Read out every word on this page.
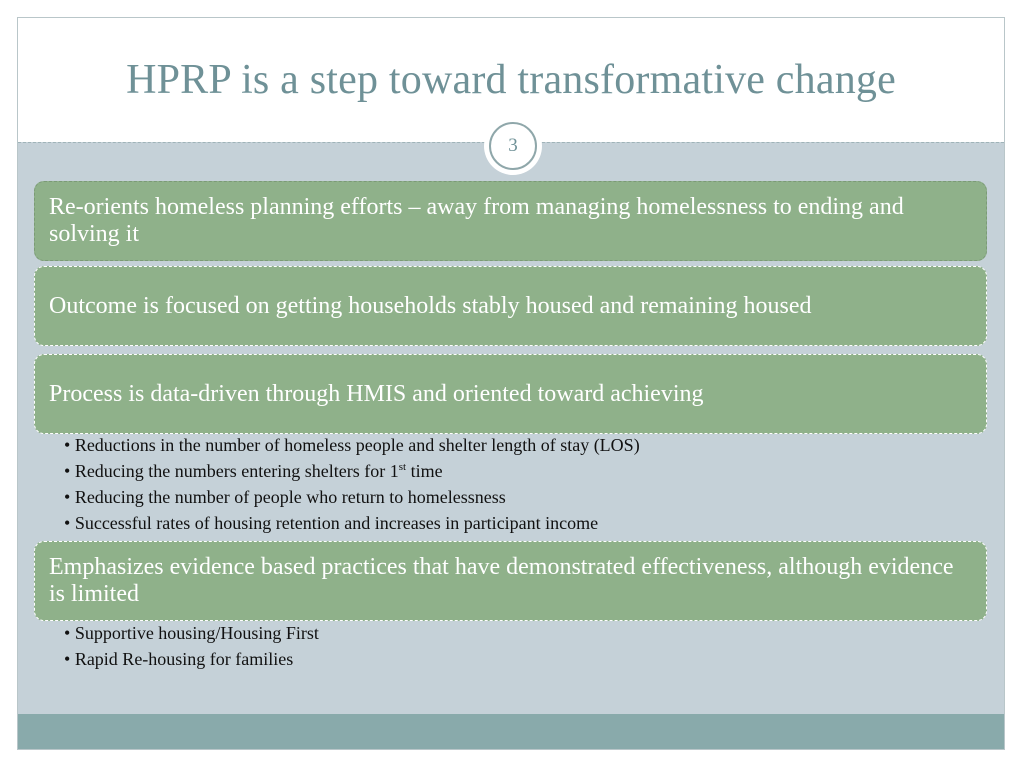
HPRP is a step toward transformative change
3
Re-orients homeless planning efforts – away from managing homelessness to ending and solving it
Outcome is focused on getting households stably housed and remaining housed
Process is data-driven through HMIS and oriented toward achieving
• Reductions in the number of homeless people and shelter length of stay (LOS)
• Reducing the numbers entering shelters for 1st time
• Reducing the number of people who return to homelessness
• Successful rates of housing retention and increases in participant income
Emphasizes evidence based practices that have demonstrated effectiveness, although evidence is limited
• Supportive housing/Housing First
• Rapid Re-housing for families
